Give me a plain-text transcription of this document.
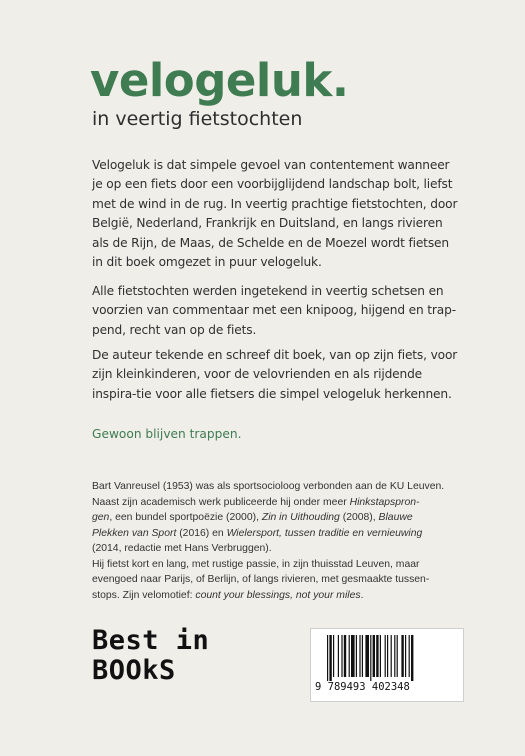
velogeluk.

in veertig fietstochten

Velogeluk is dat simpele gevoel van contentement wanneer je op een fiets door een voorbijglijdend landschap bolt, liefst met de wind in de rug. In veertig prachtige fietstochten, door België, Nederland, Frankrijk en Duitsland, en langs rivieren als de Rijn, de Maas, de Schelde en de Moezel wordt fietsen in dit boek omgezet in puur velogeluk.

Alle fietstochten werden ingetekend in veertig schetsen en voorzien van commentaar met een knipoog, hijgend en trap-pend, recht van op de fiets.

De auteur tekende en schreef dit boek, van op zijn fiets, voor zijn kleinkinderen, voor de velovrienden en als rijdende inspira-tie voor alle fietsers die simpel velogeluk herkennen.

Gewoon blijven trappen.

Bart Vanreusel (1953) was als sportsocioloog verbonden aan de KU Leuven.
Naast zijn academisch werk publiceerde hij onder meer Hinkstapspron-
gen, een bundel sportpoëzie (2000), Zin in Uithouding (2008), Blauwe
Plekken van Sport (2016) en Wielersport, tussen traditie en vernieuwing
(2014, redactie met Hans Verbruggen).
Hij fietst kort en lang, met rustige passie, in zijn thuisstad Leuven, maar
evengoed naar Parijs, of Berlijn, of langs rivieren, met gesmaakte tussen-
stops. Zijn velomotief: count your blessings, not your miles.
Best in
BOOkS
9 789493 402348
